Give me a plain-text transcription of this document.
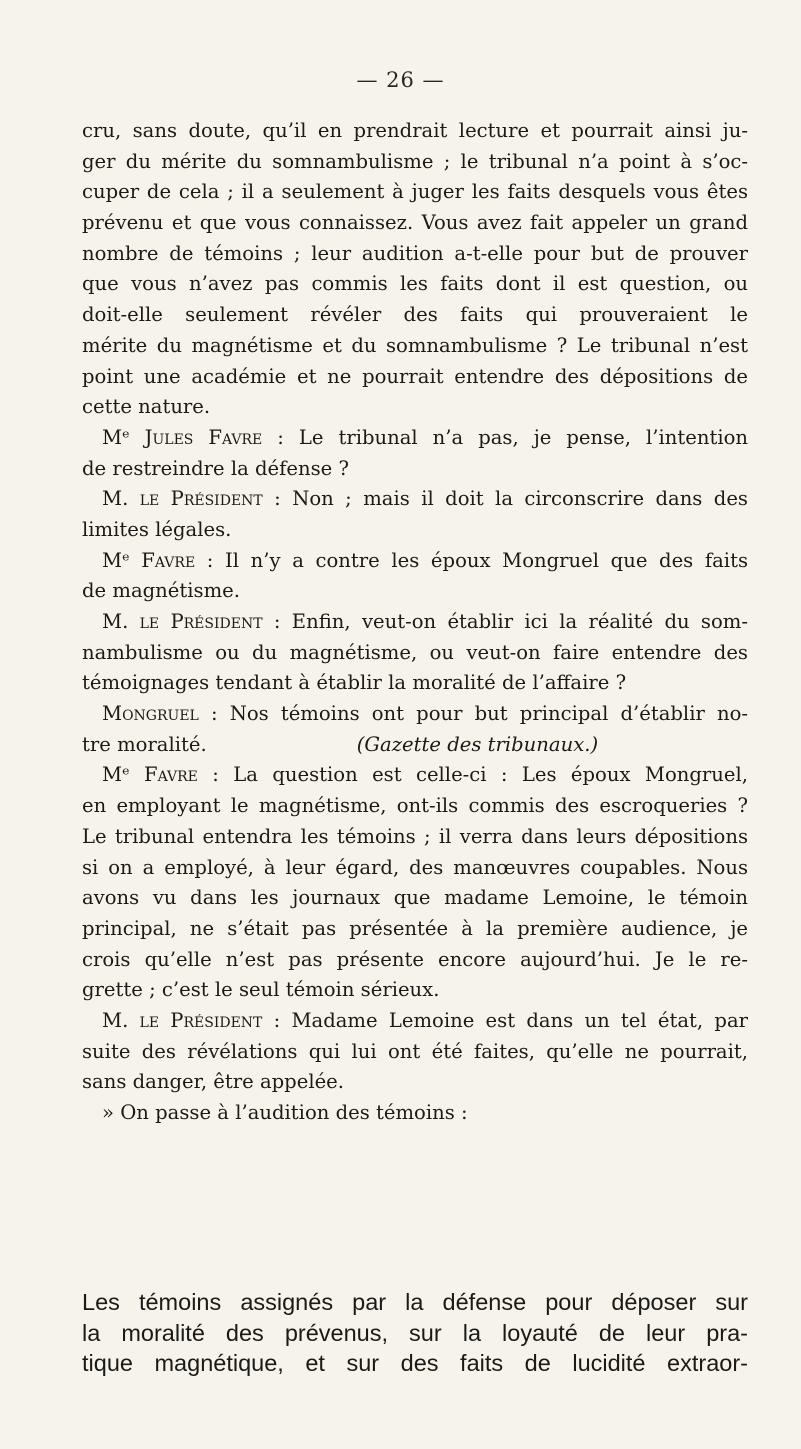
— 26 —
cru, sans doute, qu’il en prendrait lecture et pourrait ainsi ju-
ger du mérite du somnambulisme ; le tribunal n’a point à s’oc-
cuper de cela ; il a seulement à juger les faits desquels vous êtes
prévenu et que vous connaissez. Vous avez fait appeler un grand
nombre de témoins ; leur audition a-t-elle pour but de prouver
que vous n’avez pas commis les faits dont il est question, ou
doit-elle seulement révéler des faits qui prouveraient le
mérite du magnétisme et du somnambulisme ? Le tribunal n’est
point une académie et ne pourrait entendre des dépositions de
cette nature.
Mᵉ Jules Favre : Le tribunal n’a pas, je pense, l’intention
de restreindre la défense ?
M. le Président : Non ; mais il doit la circonscrire dans des
limites légales.
Mᵉ Favre : Il n’y a contre les époux Mongruel que des faits
de magnétisme.
M. le Président : Enfin, veut-on établir ici la réalité du som-
nambulisme ou du magnétisme, ou veut-on faire entendre des
témoignages tendant à établir la moralité de l’affaire ?
Mongruel : Nos témoins ont pour but principal d’établir no-
tre moralité.	(Gazette des tribunaux.)
Mᵉ Favre : La question est celle-ci : Les époux Mongruel,
en employant le magnétisme, ont-ils commis des escroqueries ?
Le tribunal entendra les témoins ; il verra dans leurs dépositions
si on a employé, à leur égard, des manœuvres coupables. Nous
avons vu dans les journaux que madame Lemoine, le témoin
principal, ne s’était pas présentée à la première audience, je
crois qu’elle n’est pas présente encore aujourd’hui. Je le re-
grette ; c’est le seul témoin sérieux.
M. le Président : Madame Lemoine est dans un tel état, par
suite des révélations qui lui ont été faites, qu’elle ne pourrait,
sans danger, être appelée.
» On passe à l’audition des témoins :
Les témoins assignés par la défense pour déposer sur
la moralité des prévenus, sur la loyauté de leur pra-
tique magnétique, et sur des faits de lucidité extraor-
